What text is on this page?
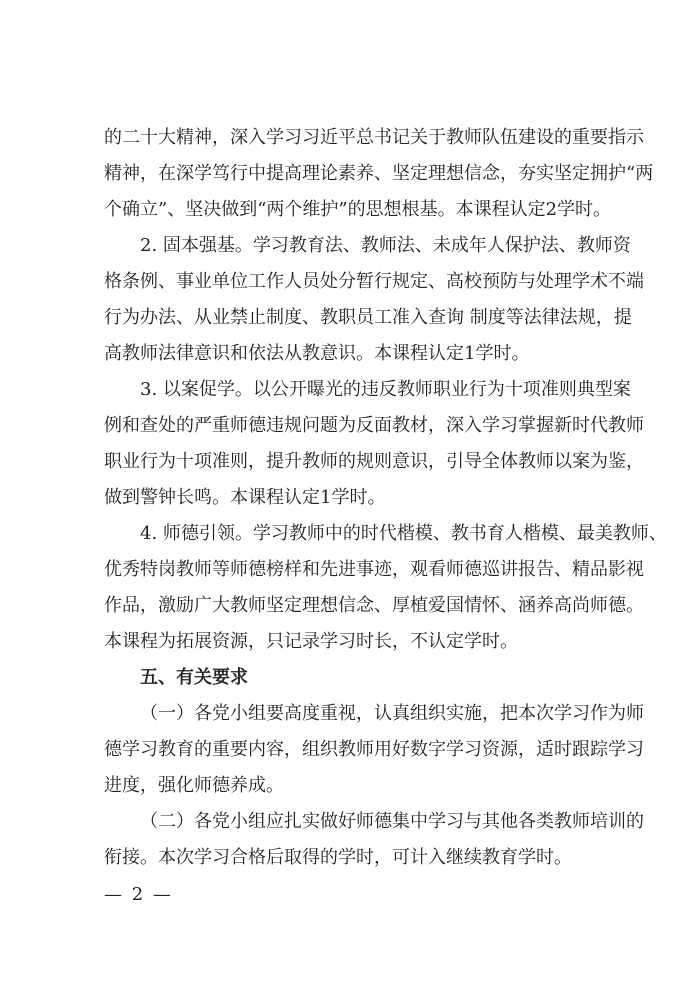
的二十大精神，深入学习习近平总书记关于教师队伍建设的重要指示
精神，在深学笃行中提高理论素养、坚定理想信念，夯实坚定拥护“两
个确立”、坚决做到“两个维护”的思想根基。本课程认定2学时。
2. 固本强基。学习教育法、教师法、未成年人保护法、教师资
格条例、事业单位工作人员处分暂行规定、高校预防与处理学术不端
行为办法、从业禁止制度、教职员工准入查询 制度等法律法规，提
高教师法律意识和依法从教意识。本课程认定1学时。
3. 以案促学。以公开曝光的违反教师职业行为十项准则典型案
例和查处的严重师德违规问题为反面教材，深入学习掌握新时代教师
职业行为十项准则，提升教师的规则意识，引导全体教师以案为鉴，
做到警钟长鸣。本课程认定1学时。
4. 师德引领。学习教师中的时代楷模、教书育人楷模、最美教师、
优秀特岗教师等师德榜样和先进事迹，观看师德巡讲报告、精品影视
作品，激励广大教师坚定理想信念、厚植爱国情怀、涵养高尚师德。
本课程为拓展资源，只记录学习时长，不认定学时。
五、有关要求
（一）各党小组要高度重视，认真组织实施，把本次学习作为师
德学习教育的重要内容，组织教师用好数字学习资源，适时跟踪学习
进度，强化师德养成。
（二）各党小组应扎实做好师德集中学习与其他各类教师培训的
衔接。本次学习合格后取得的学时，可计入继续教育学时。
— 2 —
